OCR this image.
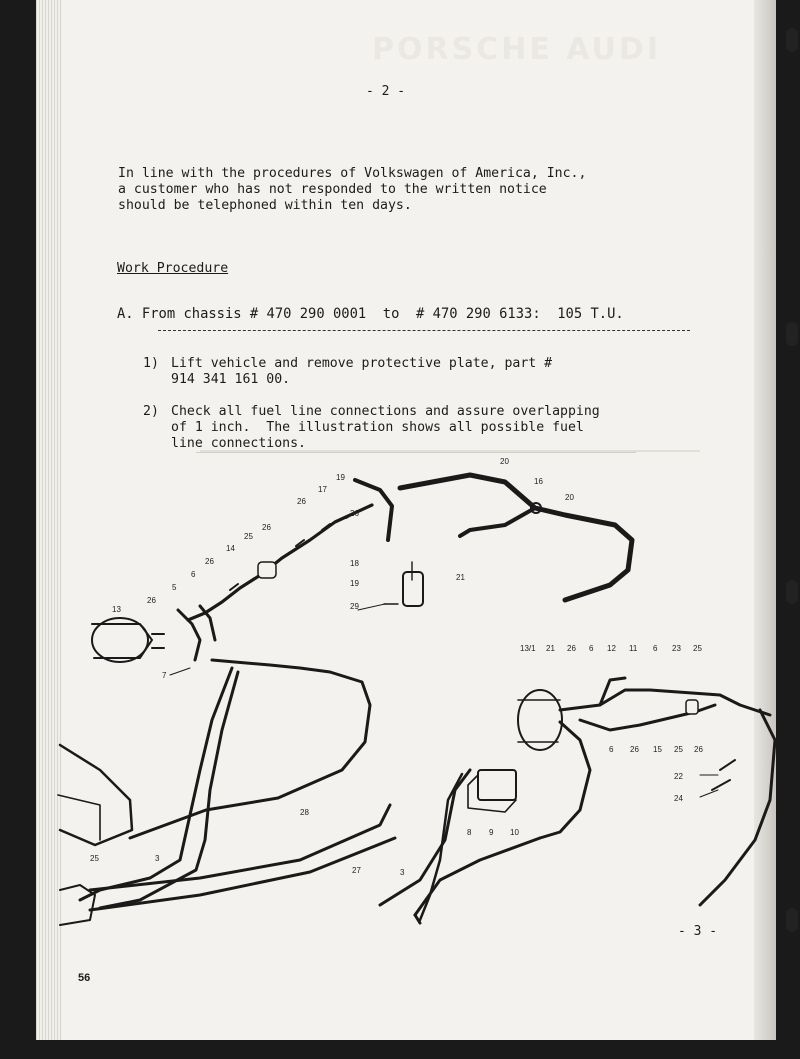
PORSCHE AUDI
- 2 -
In line with the procedures of Volkswagen of America, Inc.,
a customer who has not responded to the written notice
should be telephoned within ten days.
Work Procedure
A. From chassis # 470 290 0001  to  # 470 290 6133:  105 T.U.
1) Lift vehicle and remove protective plate, part #
914 341 161 00.
2) Check all fuel line connections and assure overlapping
of 1 inch.  The illustration shows all possible fuel
line connections.
20
16
20
19
17
26
26
18
19
29
21
25
26
14
26
6
5
26
13
7
13/1 21 26 6 12 11 6 23 25
6 26 15 25 26
22
24
28
25	3
27
8 9 10
3
- 3 -
56
